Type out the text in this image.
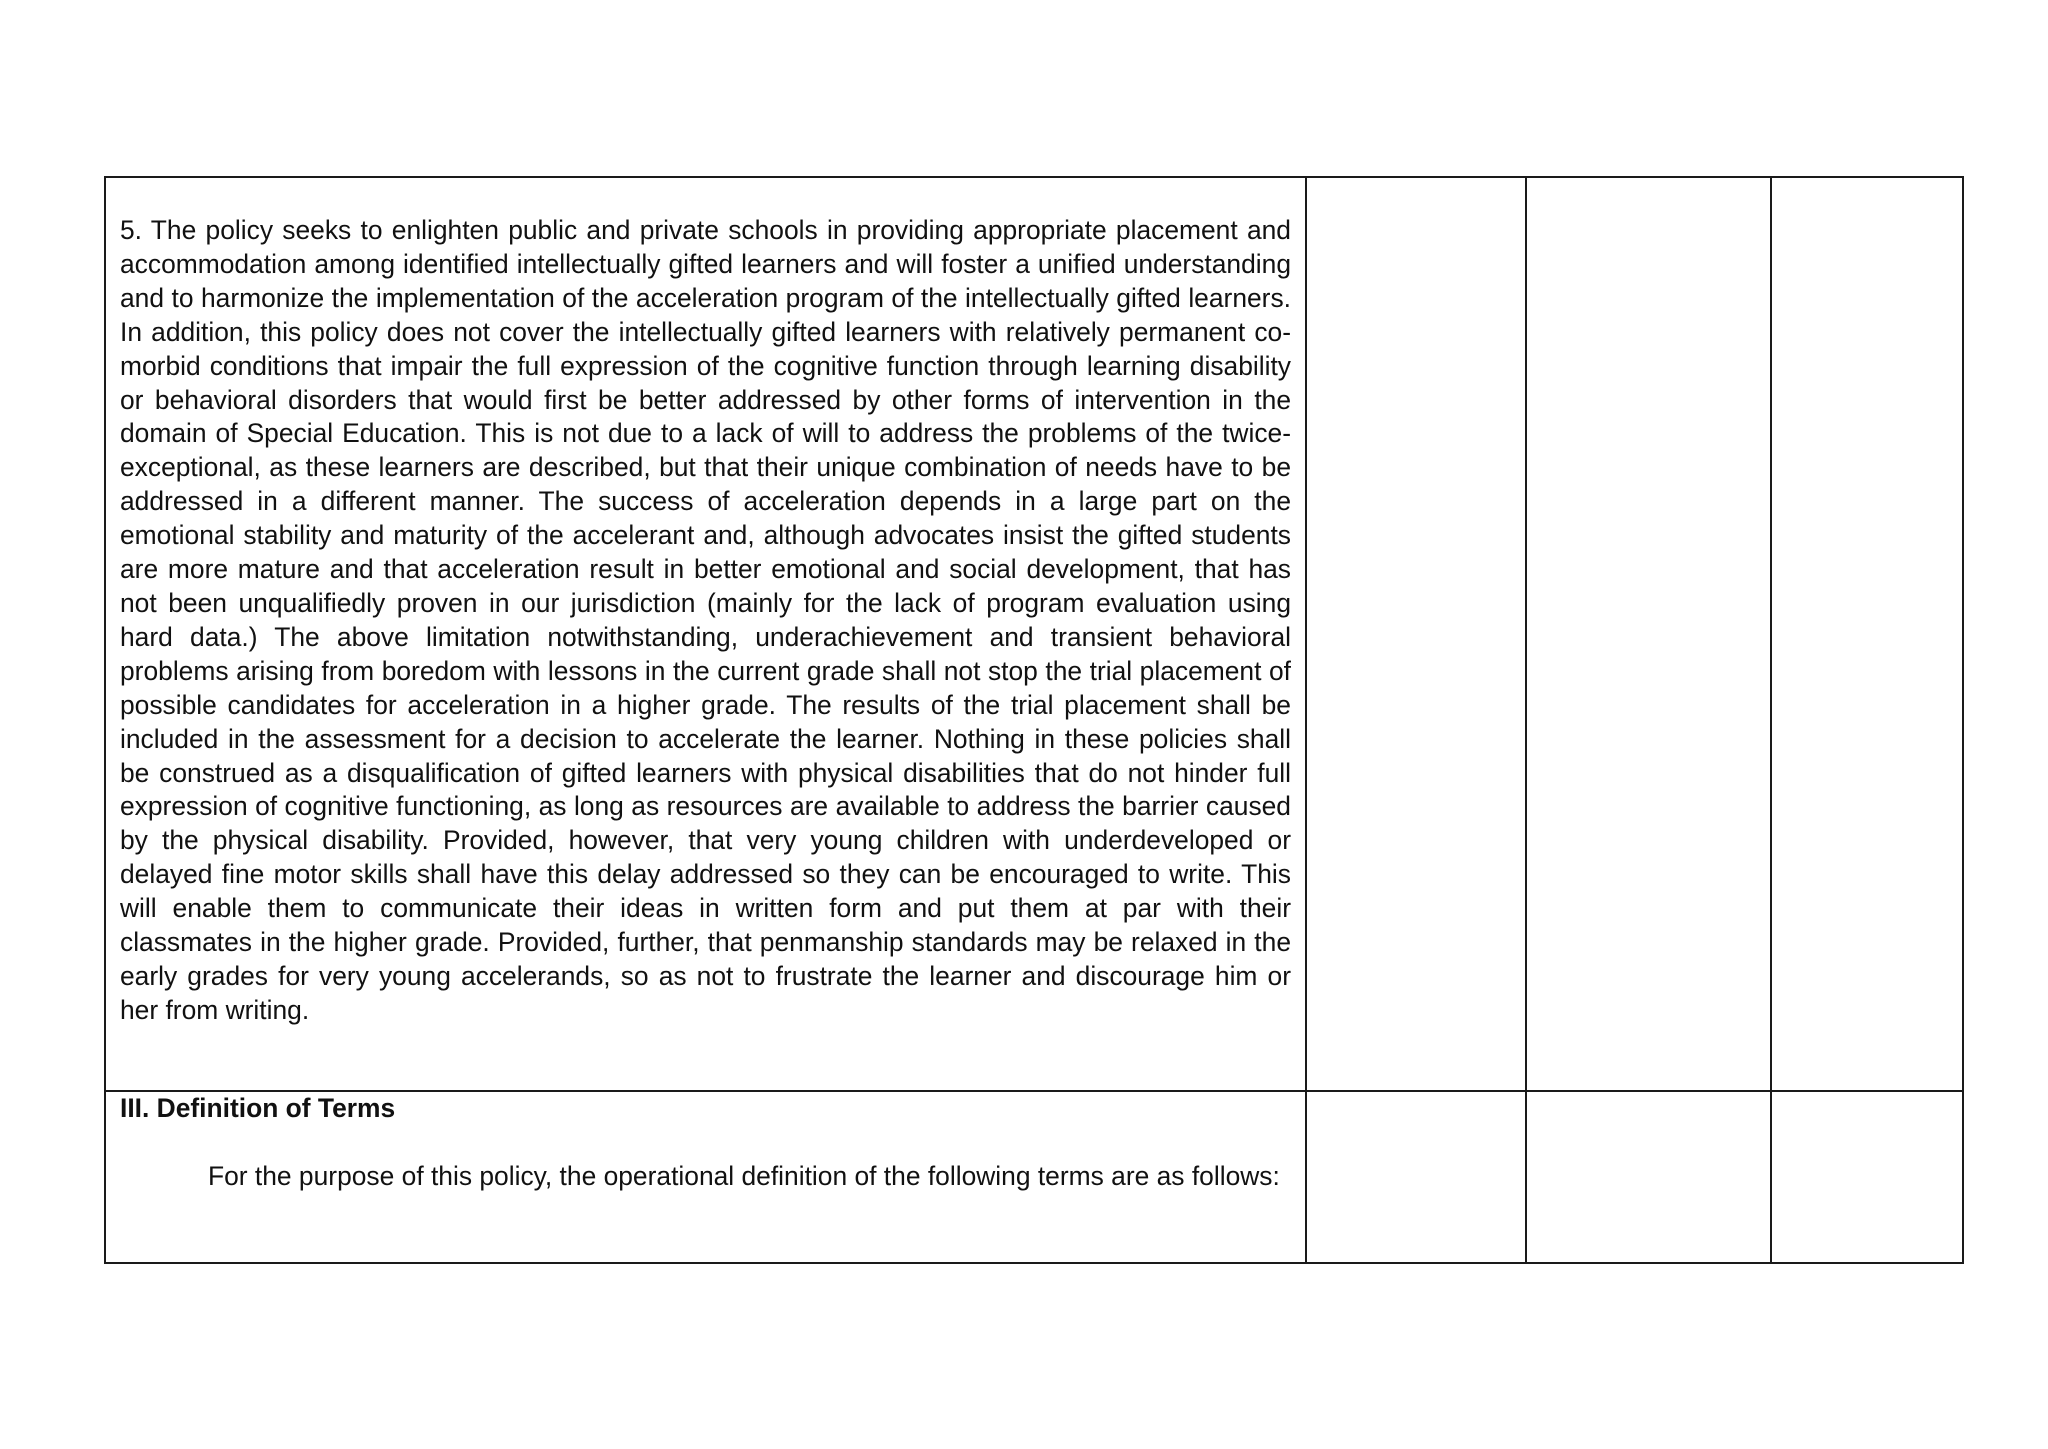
5. The policy seeks to enlighten public and private schools in providing appropriate placement and accommodation among identified intellectually gifted learners and will foster a unified understanding and to harmonize the implementation of the acceleration program of the intellectually gifted learners. In addition, this policy does not cover the intellectually gifted learners with relatively permanent co-morbid conditions that impair the full expression of the cognitive function through learning disability or behavioral disorders that would first be better addressed by other forms of intervention in the domain of Special Education. This is not due to a lack of will to address the problems of the twice-exceptional, as these learners are described, but that their unique combination of needs have to be addressed in a different manner. The success of acceleration depends in a large part on the emotional stability and maturity of the accelerant and, although advocates insist the gifted students are more mature and that acceleration result in better emotional and social development, that has not been unqualifiedly proven in our jurisdiction (mainly for the lack of program evaluation using hard data.) The above limitation notwithstanding, underachievement and transient behavioral problems arising from boredom with lessons in the current grade shall not stop the trial placement of possible candidates for acceleration in a higher grade. The results of the trial placement shall be included in the assessment for a decision to accelerate the learner. Nothing in these policies shall be construed as a disqualification of gifted learners with physical disabilities that do not hinder full expression of cognitive functioning, as long as resources are available to address the barrier caused by the physical disability. Provided, however, that very young children with underdeveloped or delayed fine motor skills shall have this delay addressed so they can be encouraged to write. This will enable them to communicate their ideas in written form and put them at par with their classmates in the higher grade. Provided, further, that penmanship standards may be relaxed in the early grades for very young accelerands, so as not to frustrate the learner and discourage him or her from writing.			

III. Definition of Terms

For the purpose of this policy, the operational definition of the following terms are as follows:			
